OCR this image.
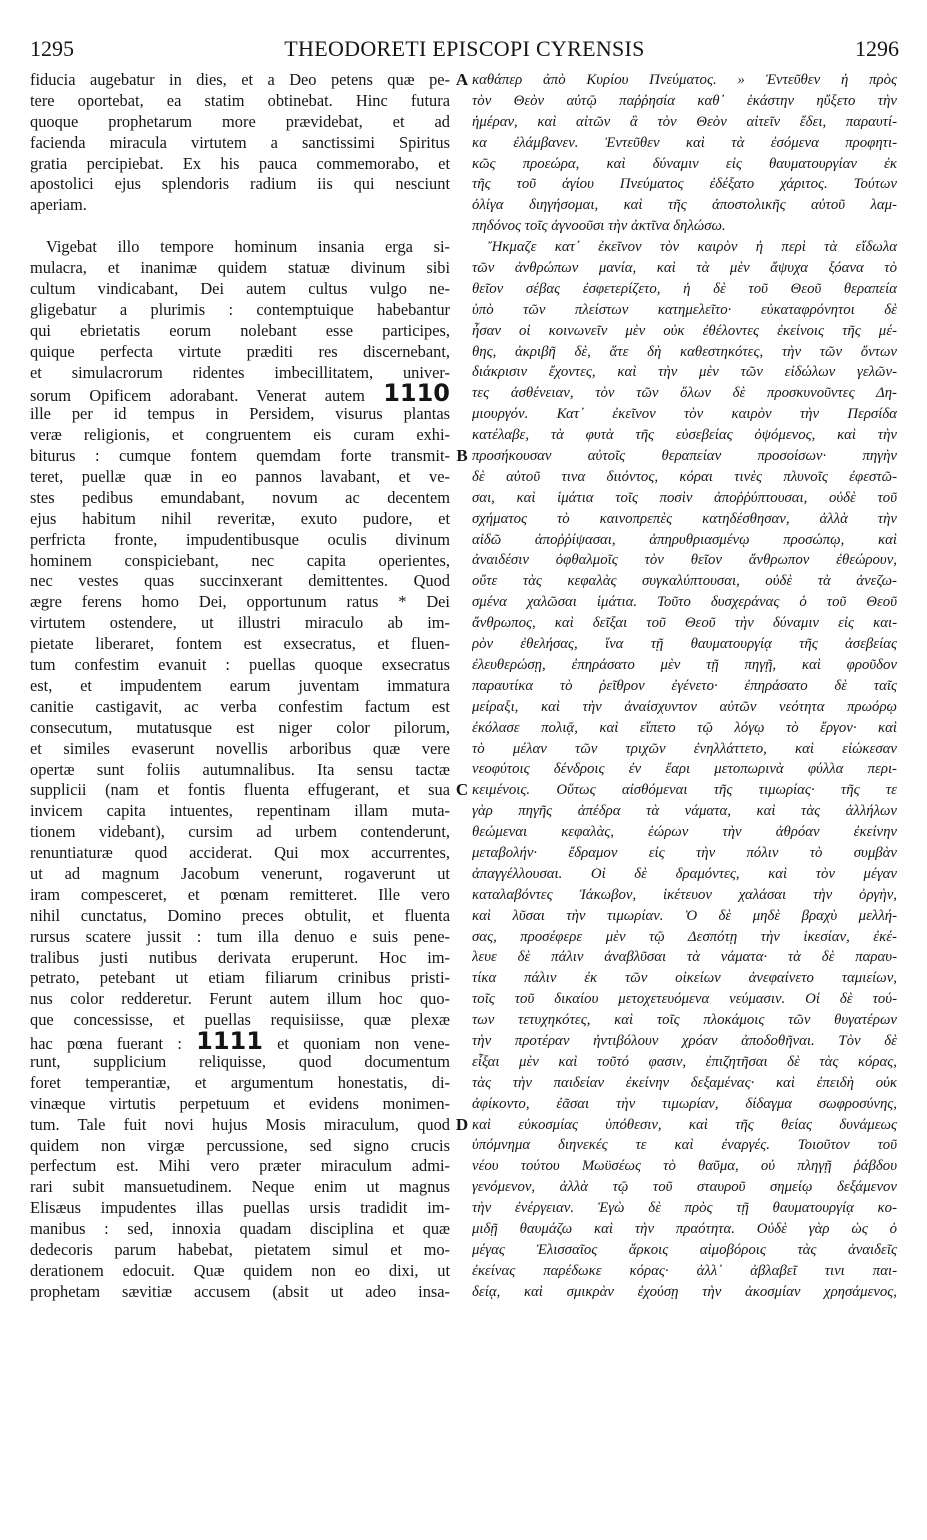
1295	THEODORETI EPISCOPI CYRENSIS	1296
A
B
C
D
fiducia augebatur in dies, et a Deo petens quæ pe-
tere oportebat, ea statim obtinebat. Hinc futura
quoque prophetarum more prævidebat, et ad
facienda miracula virtutem a sanctissimi Spiritus
gratia percipiebat. Ex his pauca commemorabo, et
apostolici ejus splendoris radium iis qui nesciunt
aperiam.
Vigebat illo tempore hominum insania erga si-
mulacra, et inanimæ quidem statuæ divinum sibi
cultum vindicabant, Dei autem cultus vulgo ne-
gligebatur a plurimis : contemptuique habebantur
qui ebrietatis eorum nolebant esse participes,
quique perfecta virtute præditi res discernebant,
et simulacrorum ridentes imbecillitatem, univer-
sorum Opificem adorabant. Venerat autem 1110
ille per id tempus in Persidem, visurus plantas
veræ religionis, et congruentem eis curam exhi-
biturus : cumque fontem quemdam forte transmit-
teret, puellæ quæ in eo pannos lavabant, et ve-
stes pedibus emundabant, novum ac decentem
ejus habitum nihil reveritæ, exuto pudore, et
perfricta fronte, impudentibusque oculis divinum
hominem conspiciebant, nec capita operientes,
nec vestes quas succinxerant demittentes. Quod
ægre ferens homo Dei, opportunum ratus * Dei
virtutem ostendere, ut illustri miraculo ab im-
pietate liberaret, fontem est exsecratus, et fluen-
tum confestim evanuit : puellas quoque exsecratus
est, et impudentem earum juventam immatura
canitie castigavit, ac verba confestim factum est
consecutum, mutatusque est niger color pilorum,
et similes evaserunt novellis arboribus quæ vere
opertæ sunt foliis autumnalibus. Ita sensu tactæ
supplicii (nam et fontis fluenta effugerant, et sua
invicem capita intuentes, repentinam illam muta-
tionem videbant), cursim ad urbem contenderunt,
renuntiaturæ quod acciderat. Qui mox accurrentes,
ut ad magnum Jacobum venerunt, rogaverunt ut
iram compesceret, et pœnam remitteret. Ille vero
nihil cunctatus, Domino preces obtulit, et fluenta
rursus scatere jussit : tum illa denuo e suis pene-
tralibus justi nutibus derivata eruperunt. Hoc im-
petrato, petebant ut etiam filiarum crinibus pristi-
nus color redderetur. Ferunt autem illum hoc quo-
que concessisse, et puellas requisiisse, quæ plexæ
hac pœna fuerant : 1111 et quoniam non vene-
runt, supplicium reliquisse, quod documentum
foret temperantiæ, et argumentum honestatis, di-
vinæque virtutis perpetuum et evidens monimen-
tum. Tale fuit novi hujus Mosis miraculum, quod
quidem non virgæ percussione, sed signo crucis
perfectum est. Mihi vero præter miraculum admi-
rari subit mansuetudinem. Neque enim ut magnus
Elisæus impudentes illas puellas ursis tradidit im-
manibus : sed, innoxia quadam disciplina et quæ
dedecoris parum habebat, pietatem simul et mo-
derationem edocuit. Quæ quidem non eo dixi, ut
prophetam sævitiæ accusem (absit ut adeo insa-
καθάπερ ἀπὸ Κυρίου Πνεύματος. » Ἐντεῦθεν ἡ πρὸς
τὸν Θεὸν αὐτῷ παῤῥησία καθ᾽ ἑκάστην ηὔξετο τὴν
ἡμέραν, καὶ αἰτῶν ἃ τὸν Θεὸν αἰτεῖν ἔδει, παραυτί-
κα ἐλάμβανεν. Ἐντεῦθεν καὶ τὰ ἐσόμενα προφητι-
κῶς προεώρα, καὶ δύναμιν εἰς θαυματουργίαν ἐκ
τῆς τοῦ ἁγίου Πνεύματος ἐδέξατο χάριτος. Τούτων
ὀλίγα διηγήσομαι, καὶ τῆς ἀποστολικῆς αὐτοῦ λαμ-
πηδόνος τοῖς ἀγνοοῦσι τὴν ἀκτῖνα δηλώσω.
Ἤκμαζε κατ᾽ ἐκεῖνον τὸν καιρὸν ἡ περὶ τὰ εἴδωλα
τῶν ἀνθρώπων μανία, καὶ τὰ μὲν ἄψυχα ξόανα τὸ
θεῖον σέβας ἐσφετερίζετο, ἡ δὲ τοῦ Θεοῦ θεραπεία
ὑπὸ τῶν πλείστων κατημελεῖτο· εὐκαταφρόνητοι δὲ
ἦσαν οἱ κοινωνεῖν μὲν οὐκ ἐθέλοντες ἐκείνοις τῆς μέ-
θης, ἀκριβῆ δὲ, ἅτε δὴ καθεστηκότες, τὴν τῶν ὄντων
διάκρισιν ἔχοντες, καὶ τὴν μὲν τῶν εἰδώλων γελῶν-
τες ἀσθένειαν, τὸν τῶν ὅλων δὲ προσκυνοῦντες Δη-
μιουργόν. Κατ᾽ ἐκεῖνον τὸν καιρὸν τὴν Περσίδα
κατέλαβε, τὰ φυτὰ τῆς εὐσεβείας ὀψόμενος, καὶ τὴν
προσήκουσαν αὐτοῖς θεραπείαν προσοίσων· πηγὴν
δὲ αὐτοῦ τινα διιόντος, κόραι τινὲς πλυνοῖς ἐφεστῶ-
σαι, καὶ ἱμάτια τοῖς ποσὶν ἀποῤῥύπτουσαι, οὐδὲ τοῦ
σχήματος τὸ καινοπρεπὲς κατηδέσθησαν, ἀλλὰ τὴν
αἰδῶ ἀποῤῥίψασαι, ἀπηρυθριασμένῳ προσώπῳ, καὶ
ἀναιδέσιν ὀφθαλμοῖς τὸν θεῖον ἄνθρωπον ἐθεώρουν,
οὔτε τὰς κεφαλὰς συγκαλύπτουσαι, οὐδὲ τὰ ἀνεζω-
σμένα χαλῶσαι ἱμάτια. Τοῦτο δυσχεράνας ὁ τοῦ Θεοῦ
ἄνθρωπος, καὶ δεῖξαι τοῦ Θεοῦ τὴν δύναμιν εἰς και-
ρὸν ἐθελήσας, ἵνα τῇ θαυματουργίᾳ τῆς ἀσεβείας
ἐλευθερώσῃ, ἐπηράσατο μὲν τῇ πηγῇ, καὶ φροῦδον
παραυτίκα τὸ ῥεῖθρον ἐγένετο· ἐπηράσατο δὲ ταῖς
μείραξι, καὶ τὴν ἀναίσχυντον αὐτῶν νεότητα πρωόρῳ
ἐκόλασε πολιᾷ, καὶ εἵπετο τῷ λόγῳ τὸ ἔργον· καὶ
τὸ μέλαν τῶν τριχῶν ἐνηλλάττετο, καὶ εἰώκεσαν
νεοφύτοις δένδροις ἐν ἔαρι μετοπωρινὰ φύλλα περι-
κειμένοις. Οὕτως αἰσθόμεναι τῆς τιμωρίας· τῆς τε
γὰρ πηγῆς ἀπέδρα τὰ νάματα, καὶ τὰς ἀλλήλων
θεώμεναι κεφαλὰς, ἑώρων τὴν ἀθρόαν ἐκείνην
μεταβολήν· ἔδραμον εἰς τὴν πόλιν τὸ συμβὰν
ἀπαγγέλλουσαι. Οἱ δὲ δραμόντες, καὶ τὸν μέγαν
καταλαβόντες Ἰάκωβον, ἱκέτευον χαλάσαι τὴν ὀργὴν,
καὶ λῦσαι τὴν τιμωρίαν. Ὁ δὲ μηδὲ βραχὺ μελλή-
σας, προσέφερε μὲν τῷ Δεσπότῃ τὴν ἱκεσίαν, ἐκέ-
λευε δὲ πάλιν ἀναβλῦσαι τὰ νάματα· τὰ δὲ παραυ-
τίκα πάλιν ἐκ τῶν οἰκείων ἀνεφαίνετο ταμιείων,
τοῖς τοῦ δικαίου μετοχετευόμενα νεύμασιν. Οἱ δὲ τού-
των τετυχηκότες, καὶ τοῖς πλοκάμοις τῶν θυγατέρων
τὴν προτέραν ἠντιβόλουν χρόαν ἀποδοθῆναι. Τὸν δὲ
εἶξαι μὲν καὶ τοῦτό φασιν, ἐπιζητῆσαι δὲ τὰς κόρας,
τὰς τὴν παιδείαν ἐκείνην δεξαμένας· καὶ ἐπειδὴ οὐκ
ἀφίκοντο, ἐᾶσαι τὴν τιμωρίαν, δίδαγμα σωφροσύνης,
καὶ εὐκοσμίας ὑπόθεσιν, καὶ τῆς θείας δυνάμεως
ὑπόμνημα διηνεκές τε καὶ ἐναργές. Τοιοῦτον τοῦ
νέου τούτου Μωϋσέως τὸ θαῦμα, οὐ πληγῇ ῥάβδου
γενόμενον, ἀλλὰ τῷ τοῦ σταυροῦ σημείῳ δεξάμενον
τὴν ἐνέργειαν. Ἐγὼ δὲ πρὸς τῇ θαυματουργίᾳ κο-
μιδῇ θαυμάζω καὶ τὴν πραότητα. Οὐδὲ γὰρ ὡς ὁ
μέγας Ἐλισσαῖος ἄρκοις αἱμοβόροις τὰς ἀναιδεῖς
ἐκείνας παρέδωκε κόρας· ἀλλ᾽ ἀβλαβεῖ τινι παι-
δείᾳ, καὶ σμικρὰν ἐχούσῃ τὴν ἀκοσμίαν χρησάμενος,
